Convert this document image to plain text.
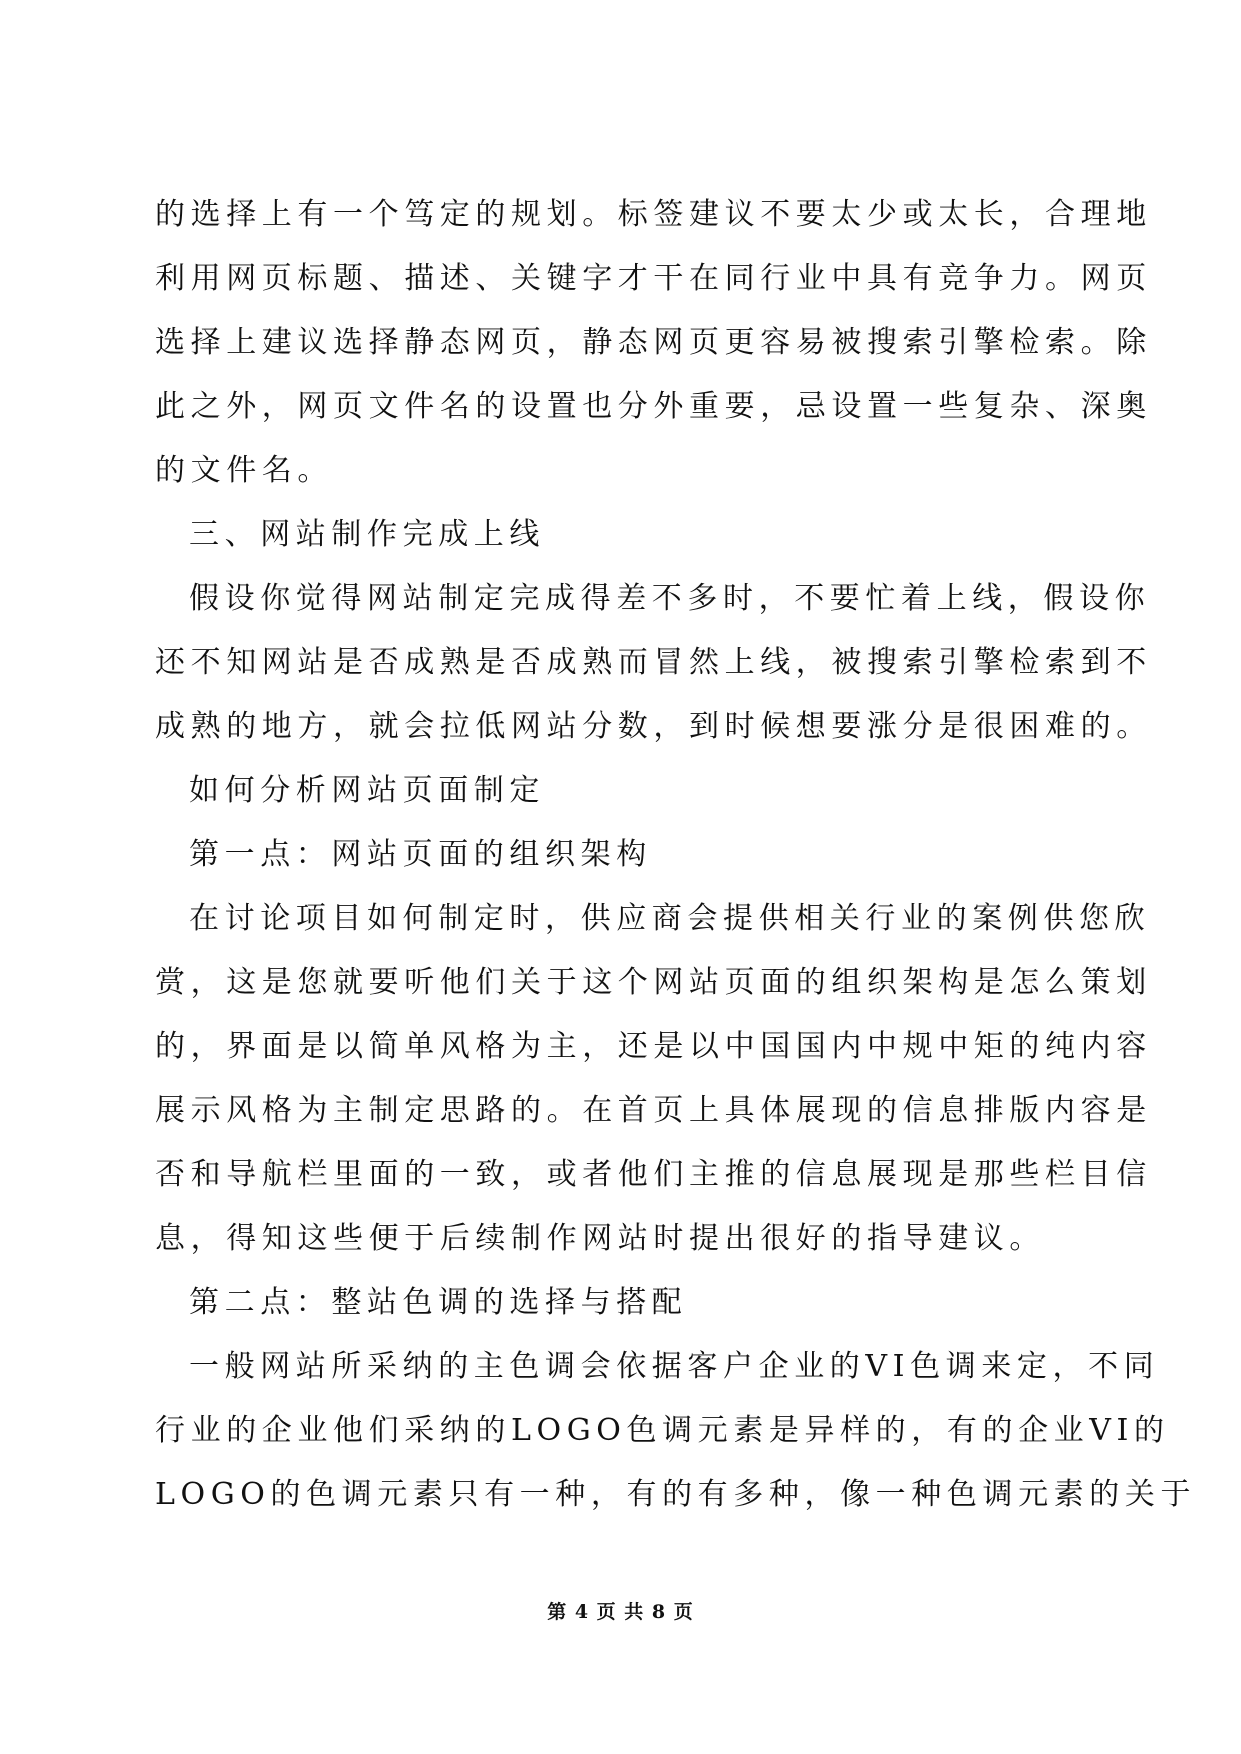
的选择上有一个笃定的规划。标签建议不要太少或太长，合理地
利用网页标题、描述、关键字才干在同行业中具有竞争力。网页
选择上建议选择静态网页，静态网页更容易被搜索引擎检索。除
此之外，网页文件名的设置也分外重要，忌设置一些复杂、深奥
的文件名。
三、网站制作完成上线
假设你觉得网站制定完成得差不多时，不要忙着上线，假设你
还不知网站是否成熟是否成熟而冒然上线，被搜索引擎检索到不
成熟的地方，就会拉低网站分数，到时候想要涨分是很困难的。
如何分析网站页面制定
第一点：网站页面的组织架构
在讨论项目如何制定时，供应商会提供相关行业的案例供您欣
赏，这是您就要听他们关于这个网站页面的组织架构是怎么策划
的，界面是以简单风格为主，还是以中国国内中规中矩的纯内容
展示风格为主制定思路的。在首页上具体展现的信息排版内容是
否和导航栏里面的一致，或者他们主推的信息展现是那些栏目信
息，得知这些便于后续制作网站时提出很好的指导建议。
第二点：整站色调的选择与搭配
一般网站所采纳的主色调会依据客户企业的VI色调来定，不同
行业的企业他们采纳的LOGO色调元素是异样的，有的企业VI的
LOGO的色调元素只有一种，有的有多种，像一种色调元素的关于
第 4 页 共 8 页
